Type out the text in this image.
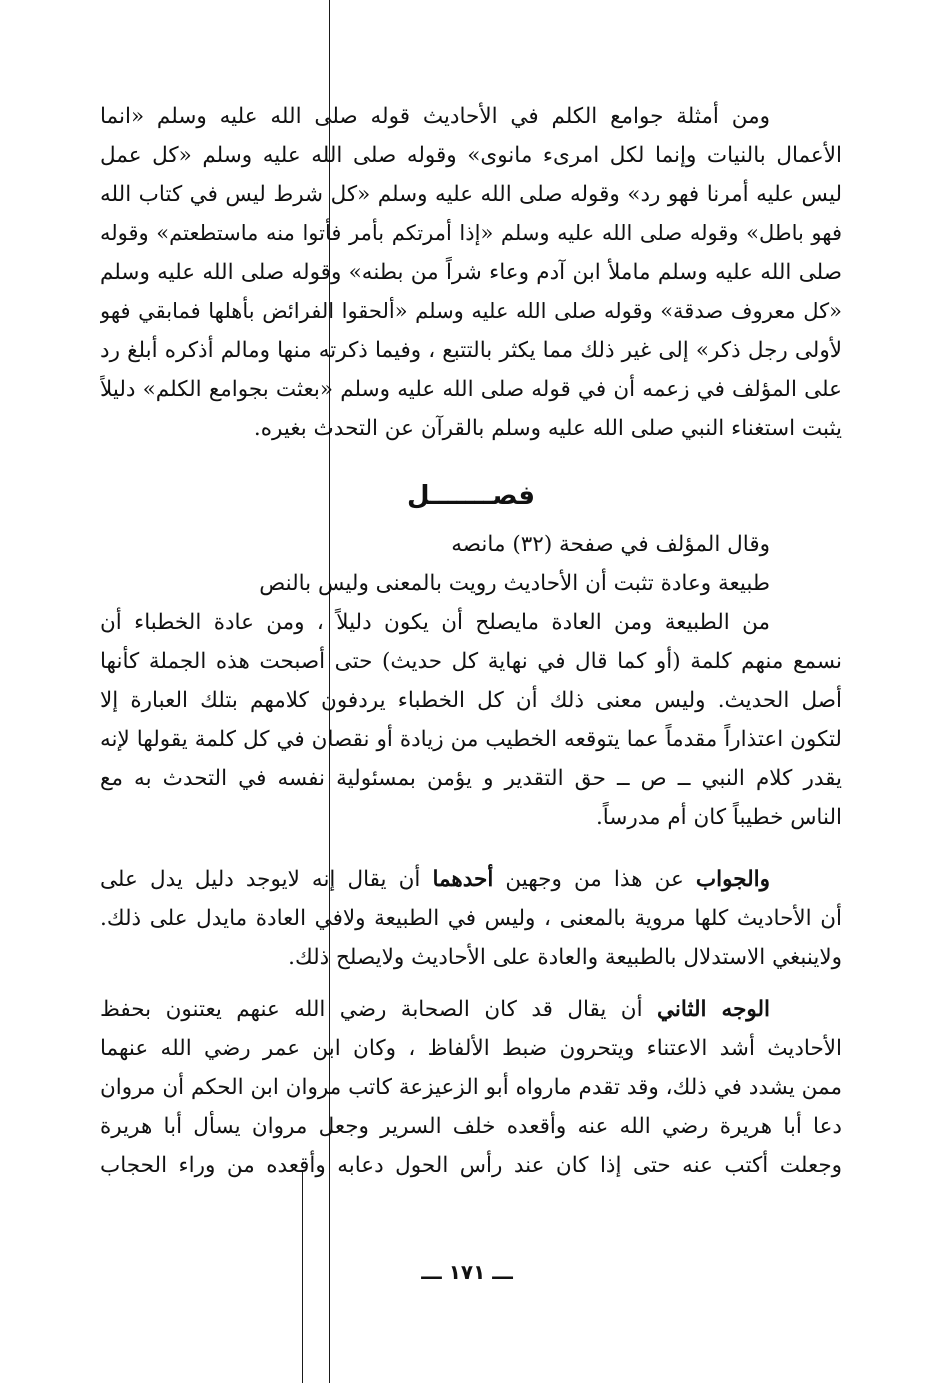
ومن أمثلة جوامع الكلم في الأحاديث قوله صلى الله عليه وسلم «انما
الأعمال بالنيات وإنما لكل امرىء مانوى» وقوله صلى الله عليه وسلم «كل عمل
ليس عليه أمرنا فهو رد» وقوله صلى الله عليه وسلم «كل شرط ليس في كتاب الله
فهو باطل» وقوله صلى الله عليه وسلم «إذا أمرتكم بأمر فأتوا منه ماستطعتم» وقوله
صلى الله عليه وسلم ماملأ ابن آدم وعاء شراً من بطنه» وقوله صلى الله عليه وسلم
«كل معروف صدقة» وقوله صلى الله عليه وسلم «ألحقوا الفرائض بأهلها فمابقي فهو
لأولى رجل ذكر» إلى غير ذلك مما يكثر بالتتبع ، وفيما ذكرته منها ومالم أذكره أبلغ رد
على المؤلف في زعمه أن في قوله صلى الله عليه وسلم «بعثت بجوامع الكلم» دليلاً
يثبت استغناء النبي صلى الله عليه وسلم بالقرآن عن التحدث بغيره.
فصـــــــل
وقال المؤلف في صفحة (٣٢) مانصه
طبيعة وعادة تثبت أن الأحاديث رويت بالمعنى وليس بالنص
من الطبيعة ومن العادة مايصلح أن يكون دليلاً ، ومن عادة الخطباء أن
نسمع منهم كلمة (أو كما قال في نهاية كل حديث) حتى أصبحت هذه الجملة كأنها
أصل الحديث. وليس معنى ذلك أن كل الخطباء يردفون كلامهم بتلك العبارة إلا
لتكون اعتذاراً مقدماً عما يتوقعه الخطيب من زيادة أو نقصان في كل كلمة يقولها لإنه
يقدر كلام النبي ــ ص ــ حق التقدير و يؤمن بمسئولية نفسه في التحدث به مع
الناس خطيباً كان أم مدرساً.
والجواب عن هذا من وجهين أحدهما أن يقال إنه لايوجد دليل يدل على
أن الأحاديث كلها مروية بالمعنى ، وليس في الطبيعة ولافي العادة مايدل على ذلك.
ولاينبغي الاستدلال بالطبيعة والعادة على الأحاديث ولايصلح ذلك.
الوجه الثاني أن يقال قد كان الصحابة رضي الله عنهم يعتنون بحفظ
الأحاديث أشد الاعتناء ويتحرون ضبط الألفاظ ، وكان ابن عمر رضي الله عنهما
ممن يشدد في ذلك، وقد تقدم مارواه أبو الزعيزعة كاتب مروان ابن الحكم أن مروان
دعا أبا هريرة رضي الله عنه وأقعده خلف السرير وجعل مروان يسأل أبا هريرة
وجعلت أكتب عنه حتى إذا كان عند رأس الحول دعابه وأقعده من وراء الحجاب
ـــ ١٧١ ـــ
